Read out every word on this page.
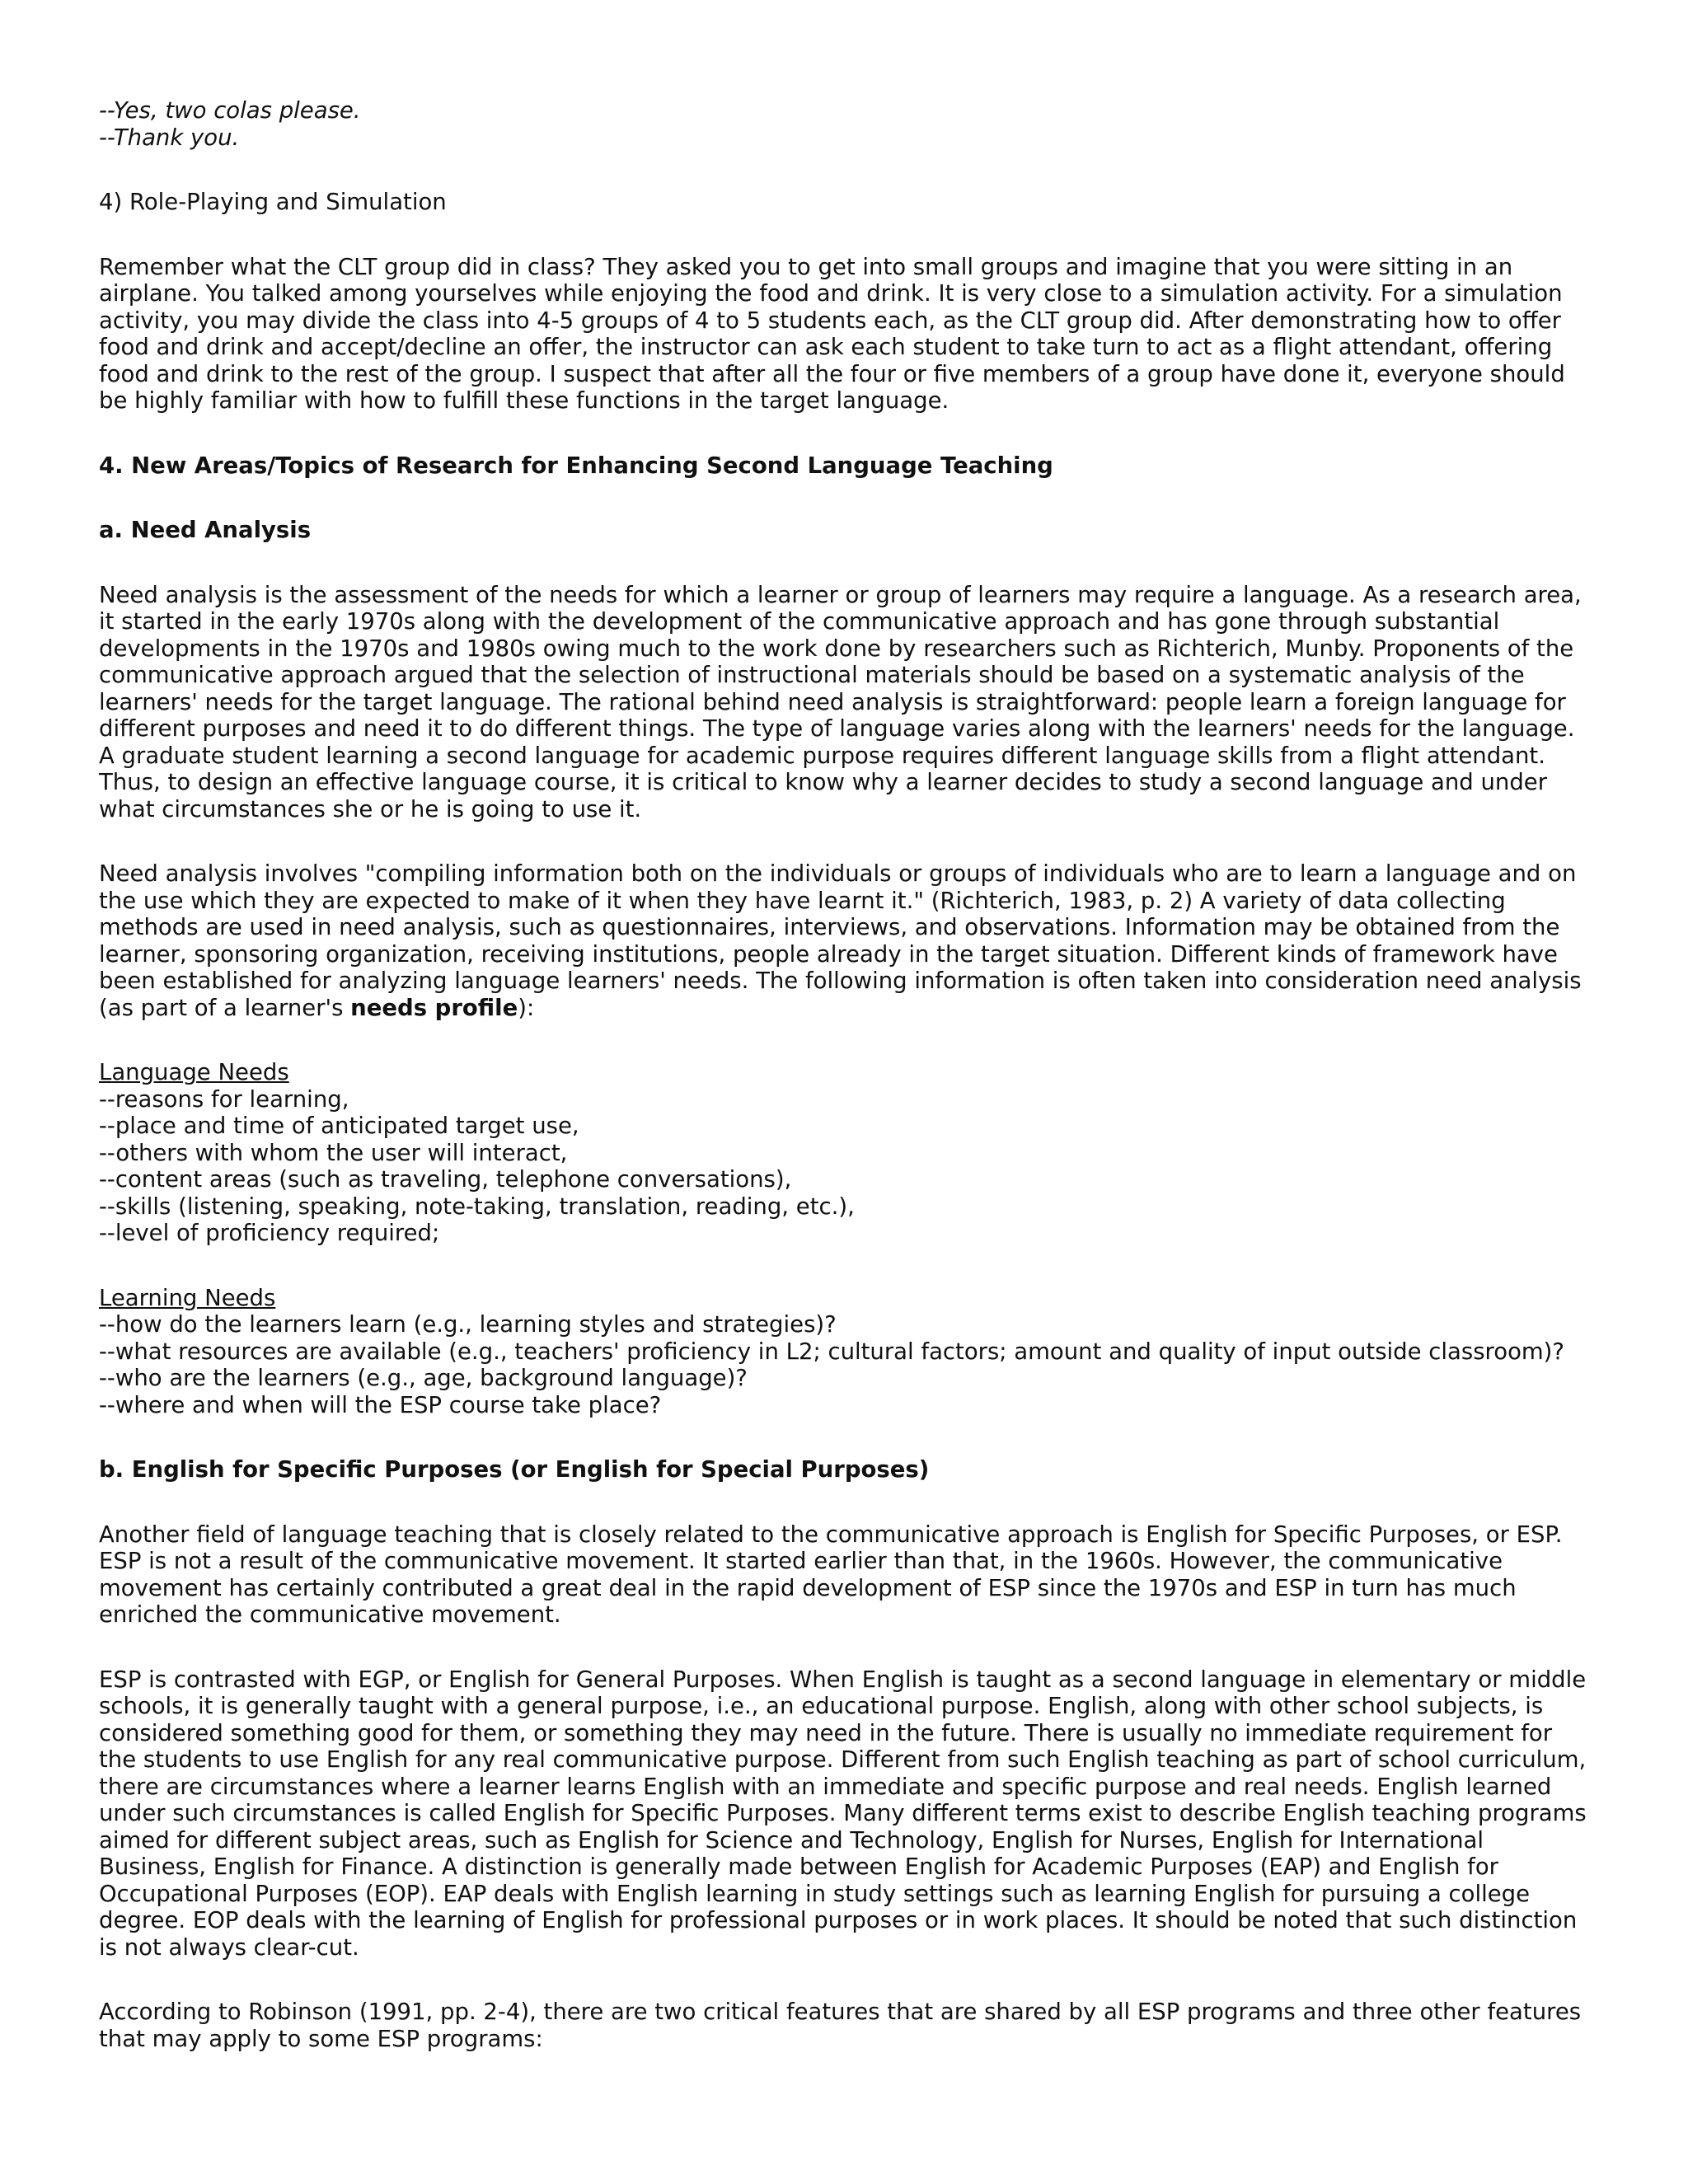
--Yes, two colas please.
--Thank you.

4) Role-Playing and Simulation

Remember what the CLT group did in class? They asked you to get into small groups and imagine that you were sitting in an airplane. You talked among yourselves while enjoying the food and drink. It is very close to a simulation activity. For a simulation activity, you may divide the class into 4-5 groups of 4 to 5 students each, as the CLT group did. After demonstrating how to offer food and drink and accept/decline an offer, the instructor can ask each student to take turn to act as a flight attendant, offering food and drink to the rest of the group. I suspect that after all the four or five members of a group have done it, everyone should be highly familiar with how to fulfill these functions in the target language.

4. New Areas/Topics of Research for Enhancing Second Language Teaching

a. Need Analysis

Need analysis is the assessment of the needs for which a learner or group of learners may require a language. As a research area, it started in the early 1970s along with the development of the communicative approach and has gone through substantial developments in the 1970s and 1980s owing much to the work done by researchers such as Richterich, Munby. Proponents of the communicative approach argued that the selection of instructional materials should be based on a systematic analysis of the learners' needs for the target language. The rational behind need analysis is straightforward: people learn a foreign language for different purposes and need it to do different things. The type of language varies along with the learners' needs for the language. A graduate student learning a second language for academic purpose requires different language skills from a flight attendant. Thus, to design an effective language course, it is critical to know why a learner decides to study a second language and under what circumstances she or he is going to use it.

Need analysis involves "compiling information both on the individuals or groups of individuals who are to learn a language and on the use which they are expected to make of it when they have learnt it." (Richterich, 1983, p. 2) A variety of data collecting methods are used in need analysis, such as questionnaires, interviews, and observations. Information may be obtained from the learner, sponsoring organization, receiving institutions, people already in the target situation. Different kinds of framework have been established for analyzing language learners' needs. The following information is often taken into consideration need analysis (as part of a learner's needs profile):

Language Needs
--reasons for learning,
--place and time of anticipated target use,
--others with whom the user will interact,
--content areas (such as traveling, telephone conversations),
--skills (listening, speaking, note-taking, translation, reading, etc.),
--level of proficiency required;
Learning Needs
--how do the learners learn (e.g., learning styles and strategies)?
--what resources are available (e.g., teachers' proficiency in L2; cultural factors; amount and quality of input outside classroom)?
--who are the learners (e.g., age, background language)?
--where and when will the ESP course take place?

b. English for Specific Purposes (or English for Special Purposes)

Another field of language teaching that is closely related to the communicative approach is English for Specific Purposes, or ESP. ESP is not a result of the communicative movement. It started earlier than that, in the 1960s. However, the communicative movement has certainly contributed a great deal in the rapid development of ESP since the 1970s and ESP in turn has much enriched the communicative movement.

ESP is contrasted with EGP, or English for General Purposes. When English is taught as a second language in elementary or middle schools, it is generally taught with a general purpose, i.e., an educational purpose. English, along with other school subjects, is considered something good for them, or something they may need in the future. There is usually no immediate requirement for the students to use English for any real communicative purpose. Different from such English teaching as part of school curriculum, there are circumstances where a learner learns English with an immediate and specific purpose and real needs. English learned under such circumstances is called English for Specific Purposes. Many different terms exist to describe English teaching programs aimed for different subject areas, such as English for Science and Technology, English for Nurses, English for International Business, English for Finance. A distinction is generally made between English for Academic Purposes (EAP) and English for Occupational Purposes (EOP). EAP deals with English learning in study settings such as learning English for pursuing a college degree. EOP deals with the learning of English for professional purposes or in work places. It should be noted that such distinction is not always clear-cut.

According to Robinson (1991, pp. 2-4), there are two critical features that are shared by all ESP programs and three other features that may apply to some ESP programs:
